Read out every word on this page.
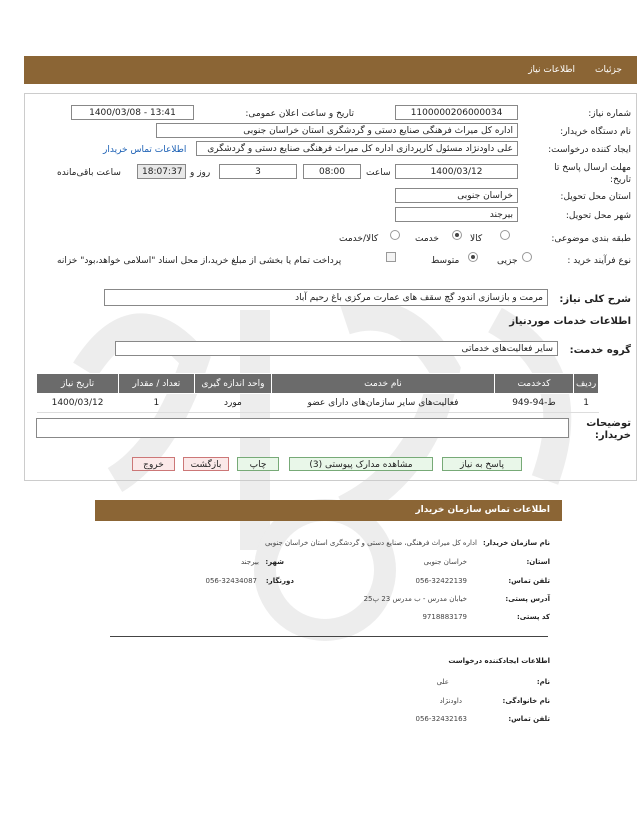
جزئیات
اطلاعات نیاز
شماره نیاز:
1100000206000034
تاریخ و ساعت اعلان عمومی:
1400/03/08 - 13:41
نام دستگاه خریدار:
اداره کل میراث فرهنگی صنایع دستی و گردشگری استان خراسان جنوبی
ایجاد کننده درخواست:
علی داودنژاد مسئول کارپردازی اداره کل میراث فرهنگی صنایع دستی و گردشگری
اطلاعات تماس خریدار
مهلت ارسال پاسخ تا تاریخ:
1400/03/12
ساعت
08:00
3
روز و
18:07:37
ساعت باقی‌مانده
استان محل تحویل:
خراسان جنوبی
شهر محل تحویل:
بیرجند
طبقه بندی موضوعی:
کالا
خدمت
کالا/خدمت
نوع فرآیند خرید :
جزیی
متوسط
پرداخت تمام یا بخشی از مبلغ خرید،از محل اسناد "اسلامی خواهد،بود" خزانه
شرح کلی نیاز:
مرمت و بازسازی اندود گچ سقف های عمارت مرکزی باغ رحیم آباد
اطلاعات خدمات موردنیاز
گروه خدمت:
سایر فعالیت‌های خدماتی
ردیف	کدخدمت	نام خدمت	واحد اندازه گیری	تعداد / مقدار	تاریخ نیاز
1	ط-94-949	فعالیت‌های سایر سازمان‌های دارای عضو	مورد	1	1400/03/12
توضیحات خریدار:
پاسخ به نیاز
مشاهده مدارک پیوستی (3)
چاپ
بازگشت
خروج
اطلاعات تماس سازمان خریدار
نام سازمان خریدار:
اداره کل میراث فرهنگی، صنایع دستی و گردشگری استان خراسان جنوبی
استان:
خراسان جنوبی
شهر:
بیرجند
تلفن تماس:
056-32422139
دورنگار:
056-32434087
آدرس پستی:
خیابان مدرس - ب مدرس 23 پ25
کد پستی:
9718883179
اطلاعات ایجادکننده درخواست
نام:
علی
نام خانوادگی:
داودنژاد
تلفن تماس:
056-32432163
